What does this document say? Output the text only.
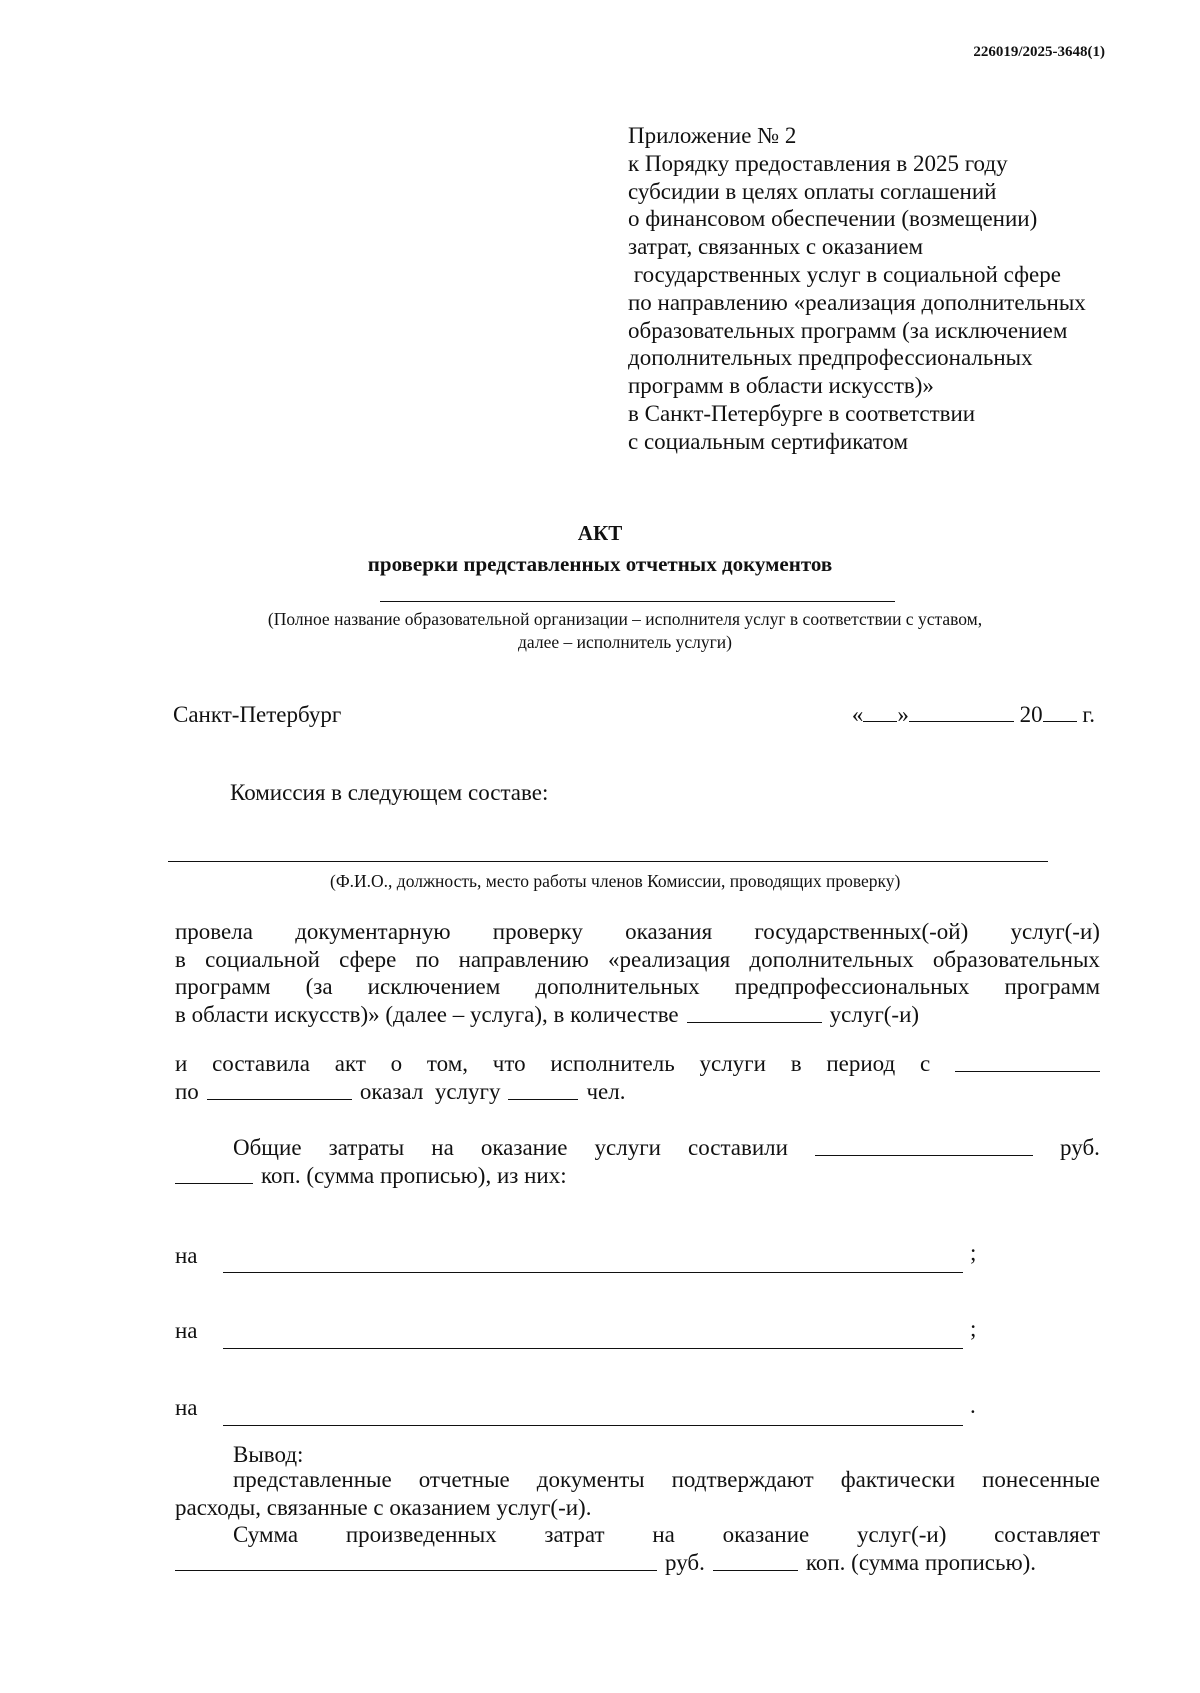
226019/2025-3648(1)
Приложение № 2
к Порядку предоставления в 2025 году
субсидии в целях оплаты соглашений
о финансовом обеспечении (возмещении)
затрат, связанных с оказанием
государственных услуг в социальной сфере
по направлению «реализация дополнительных
образовательных программ (за исключением
дополнительных предпрофессиональных
программ в области искусств)»
в Санкт-Петербурге в соответствии
с социальным сертификатом
АКТ
проверки представленных отчетных документов
(Полное название образовательной организации – исполнителя услуг в соответствии с уставом,
далее – исполнитель услуги)
Санкт-Петербург	« »	20 г.
Комиссия в следующем составе:
(Ф.И.О., должность, место работы членов Комиссии, проводящих проверку)
провела документарную проверку оказания государственных(-ой) услуг(-и)
в социальной сфере по направлению «реализация дополнительных образовательных
программ (за исключением дополнительных предпрофессиональных программ
в области искусств)» (далее – услуга), в количестве	услуг(-и)
и составила акт о том, что исполнитель услуги в период с
по	оказал  услугу	чел.
Общие затраты на оказание услуги составили	руб.
коп. (сумма прописью), из них:
на	;
на	;
на	.
Вывод:
представленные отчетные документы подтверждают фактически понесенные
расходы, связанные с оказанием услуг(-и).
Сумма произведенных затрат на оказание услуг(-и) составляет
руб.	коп. (сумма прописью).
